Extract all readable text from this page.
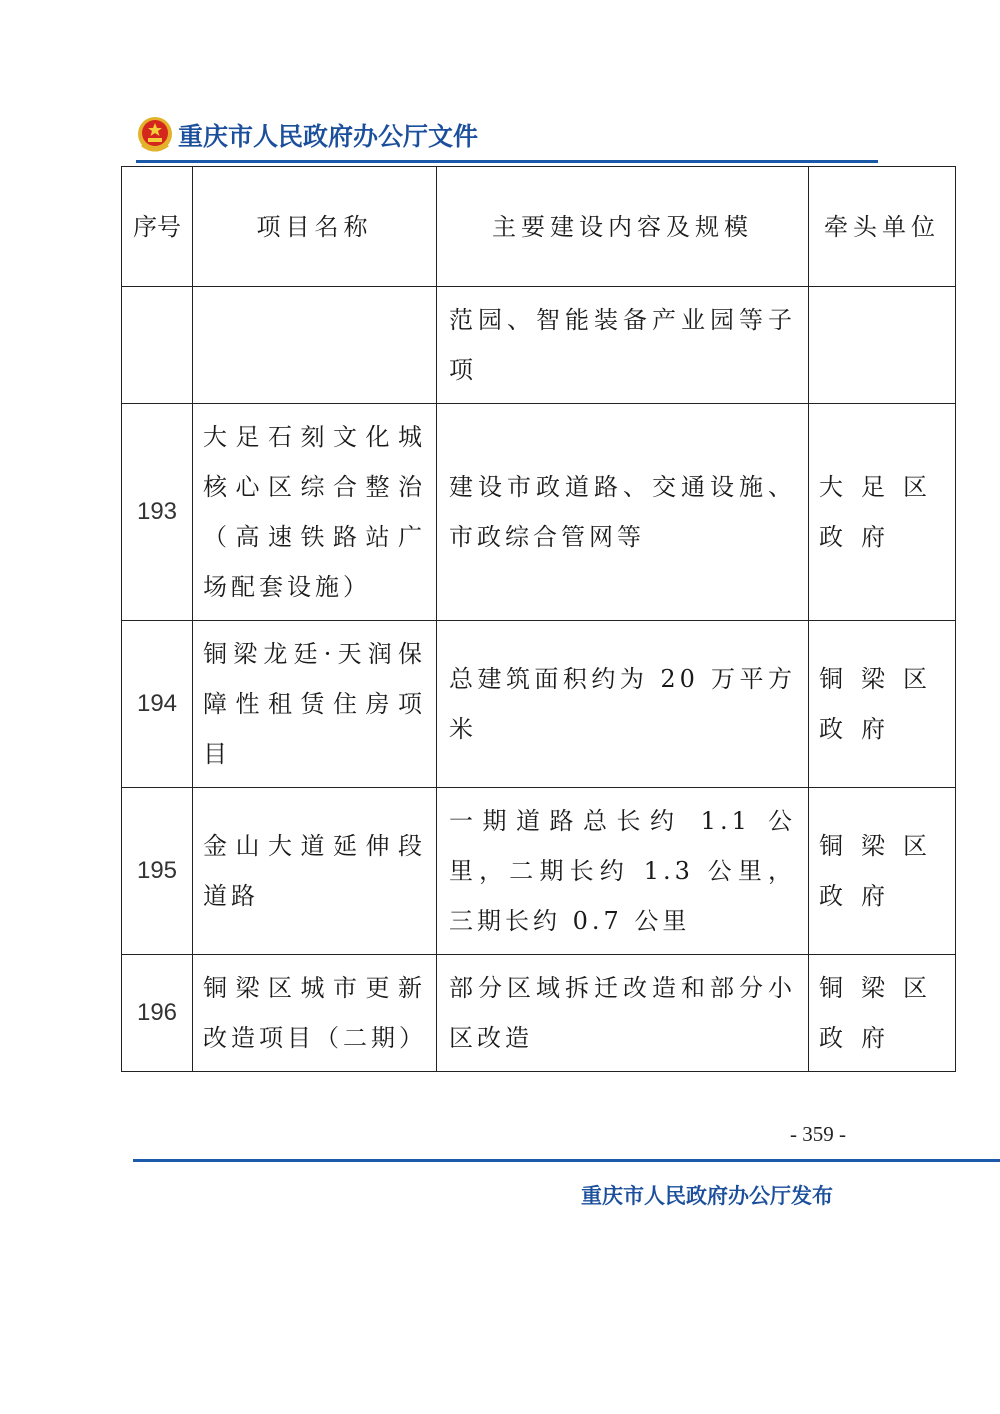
重庆市人民政府办公厅文件
序号	项目名称	主要建设内容及规模	牵头单位
		范园、智能装备产业园等子项	
193	大足石刻文化城核心区综合整治（高速铁路站广场配套设施）	建设市政道路、交通设施、市政综合管网等	大足区政府
194	铜梁龙廷·天润保障性租赁住房项目	总建筑面积约为 20 万平方米	铜梁区政府
195	金山大道延伸段道路	一期道路总长约 1.1 公里，二期长约 1.3 公里，三期长约 0.7 公里	铜梁区政府
196	铜梁区城市更新改造项目（二期）	部分区域拆迁改造和部分小区改造	铜梁区政府
- 359 -
重庆市人民政府办公厅发布
